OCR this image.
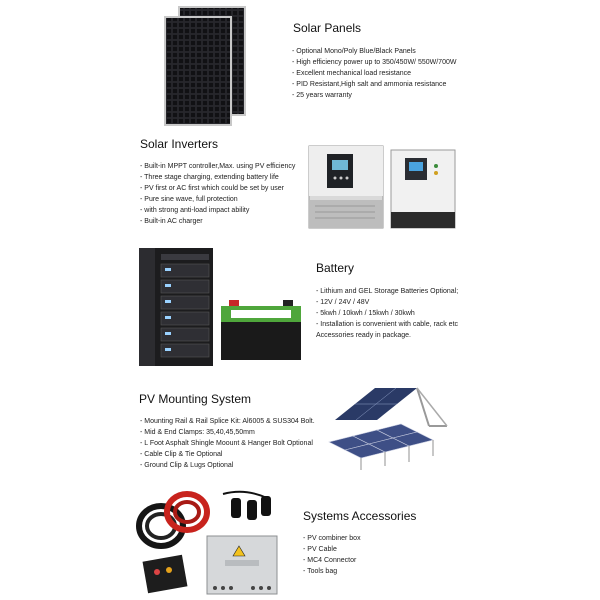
Solar Panels
- Optional Mono/Poly Blue/Black Panels
- High efficiency power up to 350/450W/ 550W/700W
- Excellent mechanical load resistance
- PID Resistant,High salt and ammonia resistance
- 25 years warranty
Solar Inverters
- Built-in MPPT controller,Max. using PV efficiency
- Three stage charging, extending battery life
- PV first or AC first which could be set by user
- Pure sine wave, full protection
- with strong anti-load impact ability
- Built-in AC charger
Battery
- Lithium and GEL Storage Batteries Optional;
- 12V / 24V / 48V
- 5kwh / 10kwh / 15kwh / 30kwh
- Installation is convenient with cable, rack etc
Accessories ready in package.
PV Mounting System
- Mounting Rail & Rail Splice Kit: Al6005 & SUS304 Bolt.
- Mid & End Clamps: 35,40,45,50mm
- L Foot Asphalt Shingle Moount & Hanger Bolt Optional
- Cable Clip & Tie Optional
- Ground Clip & Lugs Optional
Systems Accessories
- PV combiner box
- PV Cable
- MC4 Connector
- Tools bag
